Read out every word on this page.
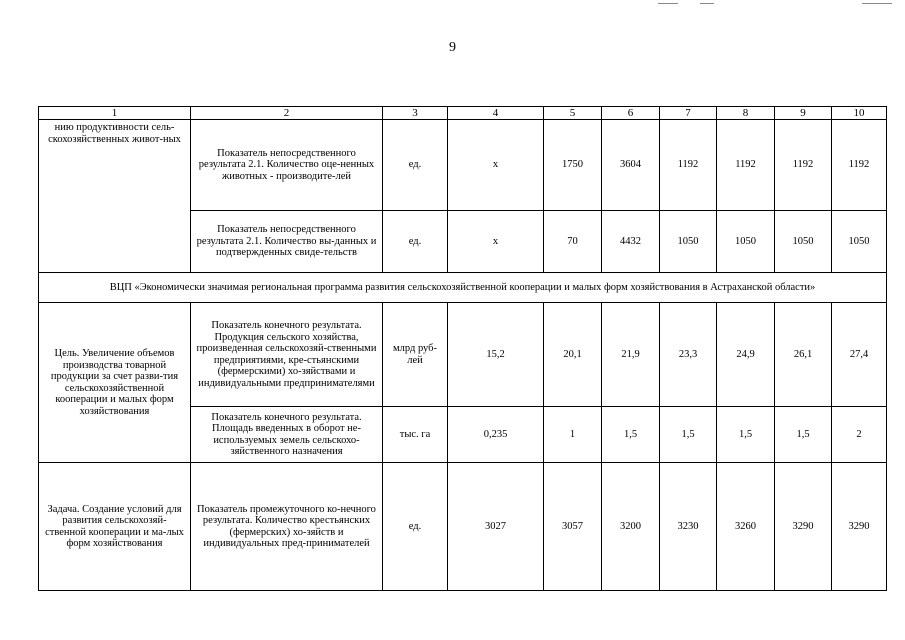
9
1	2	3	4	5	6	7	8	9	10
нию продуктивности сель-скохозяйственных живот-ных	Показатель непосредственного результата 2.1. Количество оце-ненных животных - производите-лей	ед.	х	1750	3604	1192	1192	1192	1192
	Показатель непосредственного результата 2.1. Количество вы-данных и подтвержденных свиде-тельств	ед.	х	70	4432	1050	1050	1050	1050
ВЦП «Экономически значимая региональная программа развития сельскохозяйственной кооперации и малых форм хозяйствования в Астраханской области»									
Цель. Увеличение объемов производства товарной продукции за счет разви-тия сельскохозяйственной кооперации и малых форм хозяйствования	Показатель конечного результата. Продукция сельского хозяйства, произведенная сельскохозяй-ственными предприятиями, кре-стьянскими (фермерскими) хо-зяйствами и индивидуальными предпринимателями	млрд руб-лей	15,2	20,1	21,9	23,3	24,9	26,1	27,4
	Показатель конечного результата. Площадь введенных в оборот не-используемых земель сельскохо-зяйственного назначения	тыс. га	0,235	1	1,5	1,5	1,5	1,5	2
Задача. Создание условий для развития сельскохозяй-ственной кооперации и ма-лых форм хозяйствования	Показатель промежуточного ко-нечного результата. Количество крестьянских (фермерских) хо-зяйств и индивидуальных пред-принимателей	ед.	3027	3057	3200	3230	3260	3290	3290
